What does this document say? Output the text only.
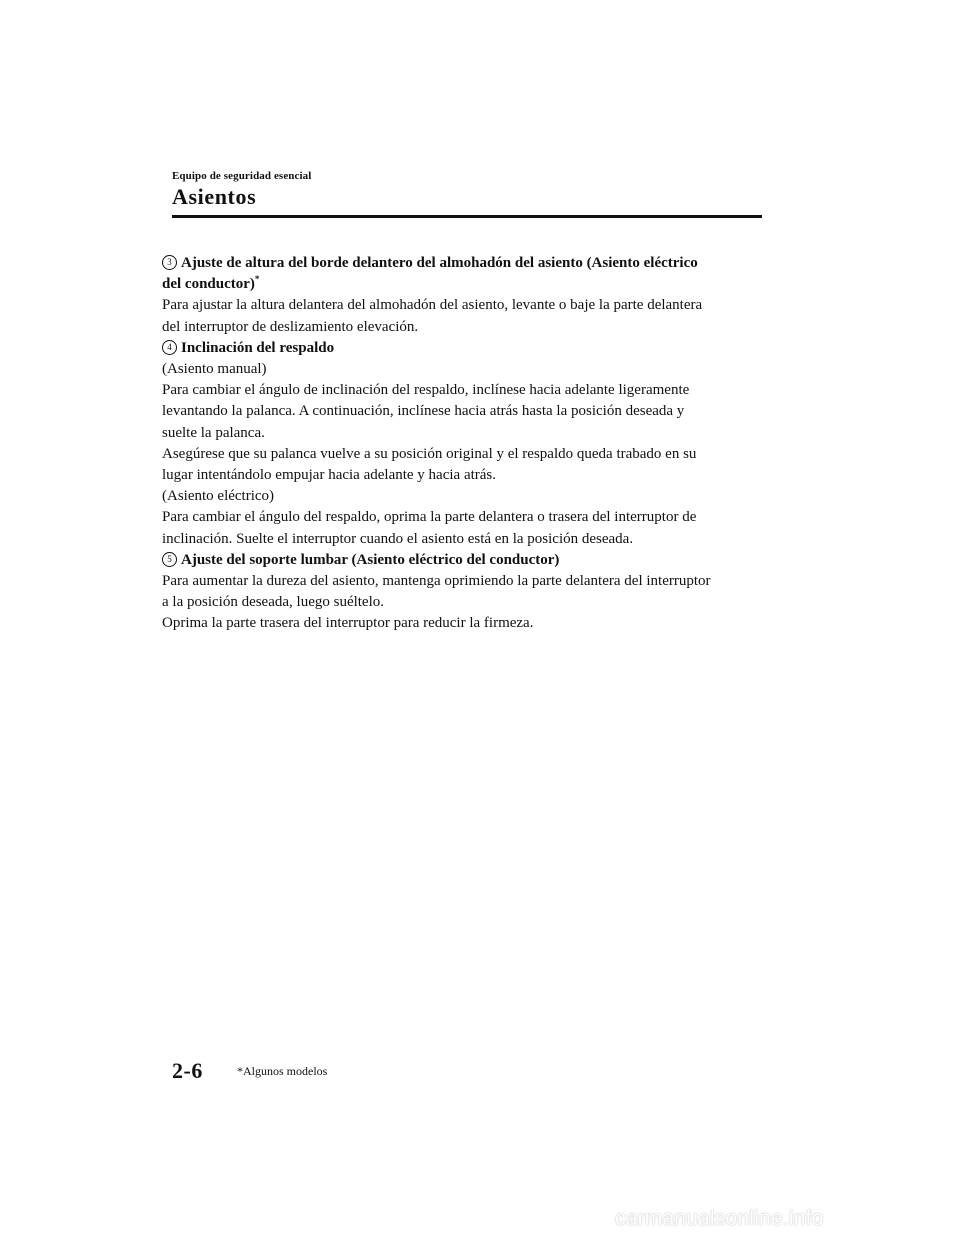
Equipo de seguridad esencial
Asientos

3 Ajuste de altura del borde delantero del almohadón del asiento (Asiento eléctrico

del conductor)*

Para ajustar la altura delantera del almohadón del asiento, levante o baje la parte delantera

del interruptor de deslizamiento elevación.

4 Inclinación del respaldo

(Asiento manual)

Para cambiar el ángulo de inclinación del respaldo, inclínese hacia adelante ligeramente

levantando la palanca. A continuación, inclínese hacia atrás hasta la posición deseada y

suelte la palanca.

Asegúrese que su palanca vuelve a su posición original y el respaldo queda trabado en su

lugar intentándolo empujar hacia adelante y hacia atrás.

(Asiento eléctrico)

Para cambiar el ángulo del respaldo, oprima la parte delantera o trasera del interruptor de

inclinación. Suelte el interruptor cuando el asiento está en la posición deseada.

5 Ajuste del soporte lumbar (Asiento eléctrico del conductor)

Para aumentar la dureza del asiento, mantenga oprimiendo la parte delantera del interruptor

a la posición deseada, luego suéltelo.

Oprima la parte trasera del interruptor para reducir la firmeza.

2-6	*Algunos modelos
carmanualsonline.info
